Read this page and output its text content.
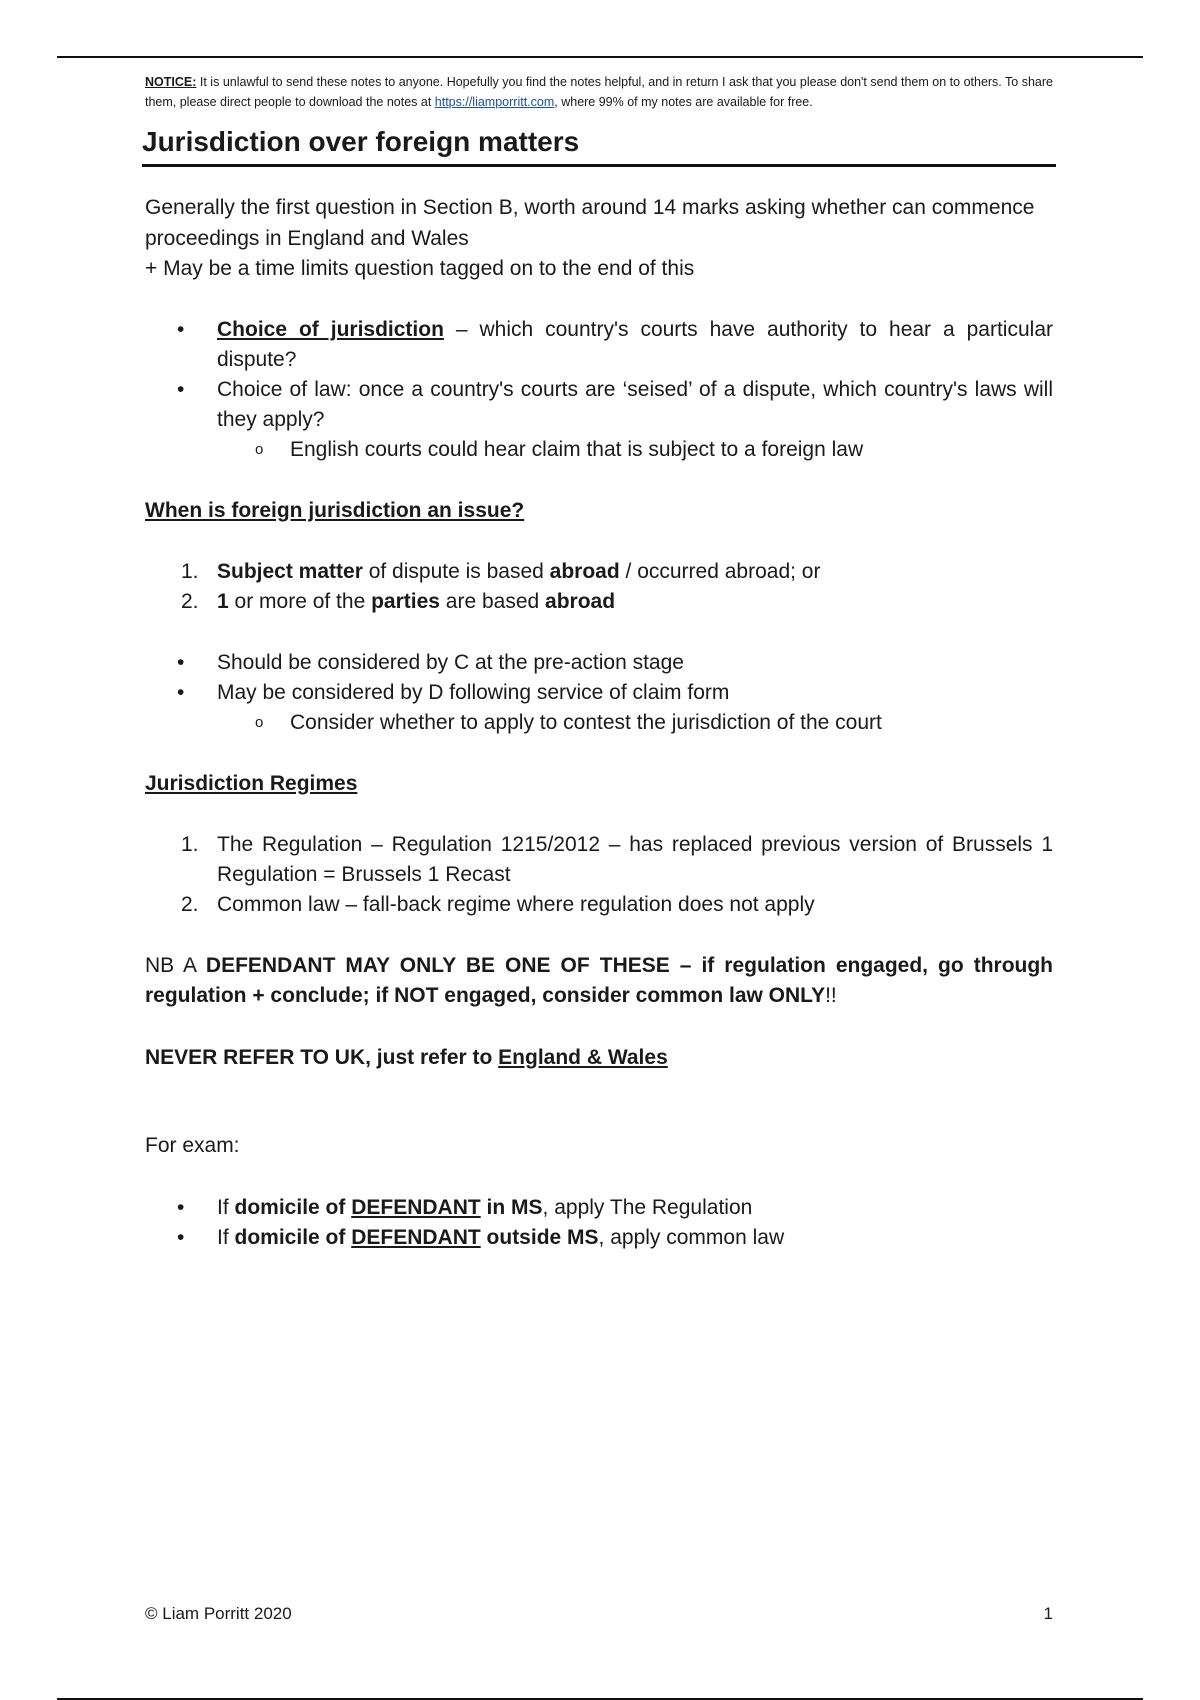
NOTICE: It is unlawful to send these notes to anyone. Hopefully you find the notes helpful, and in return I ask that you please don't send them on to others. To share them, please direct people to download the notes at https://liamporritt.com, where 99% of my notes are available for free.

Jurisdiction over foreign matters

Generally the first question in Section B, worth around 14 marks asking whether can commence proceedings in England and Wales

+ May be a time limits question tagged on to the end of this

• Choice of jurisdiction – which country's courts have authority to hear a particular dispute?
• Choice of law: once a country's courts are ‘seised’ of a dispute, which country's laws will they apply?
o English courts could hear claim that is subject to a foreign law

When is foreign jurisdiction an issue?

1. Subject matter of dispute is based abroad / occurred abroad; or
2. 1 or more of the parties are based abroad
• Should be considered by C at the pre-action stage
• May be considered by D following service of claim form
o Consider whether to apply to contest the jurisdiction of the court

Jurisdiction Regimes

1. The Regulation – Regulation 1215/2012 – has replaced previous version of Brussels 1 Regulation = Brussels 1 Recast
2. Common law – fall-back regime where regulation does not apply

NB A DEFENDANT MAY ONLY BE ONE OF THESE – if regulation engaged, go through regulation + conclude; if NOT engaged, consider common law ONLY!!

NEVER REFER TO UK, just refer to England & Wales

For exam:

• If domicile of DEFENDANT in MS, apply The Regulation
• If domicile of DEFENDANT outside MS, apply common law
© Liam Porritt 2020	1
